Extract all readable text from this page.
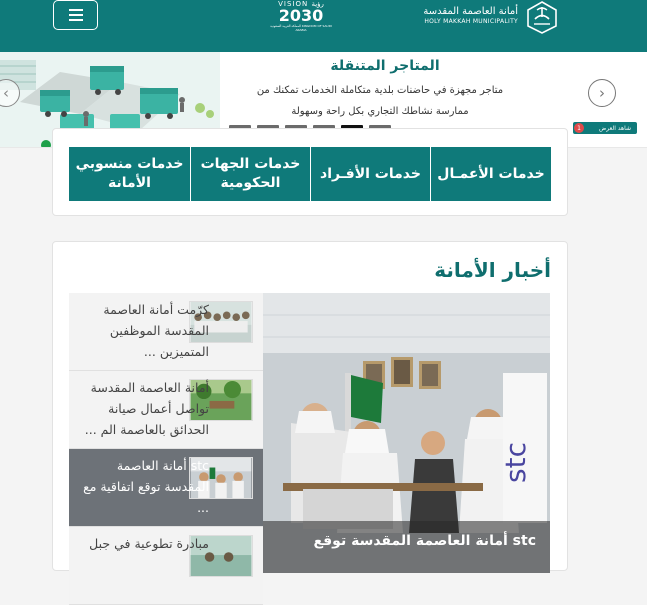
VISION رؤية
2030
المملكة العربية السعودية KINGDOM OF SAUDI ARABIA
أمانة العاصمة المقدسة
HOLY MAKKAH MUNICIPALITY
‹
المتاجر المتنقلة
متاجر مجهزة في حاضنات بلدية متكاملة الخدمات تمكنك من ممارسة نشاطك التجاري بكل راحة وسهولة
›
1	شاهد العرض
خدمات الأعمـال
خدمات الأفـراد
خدمات الجهات الحكومية
خدمات منسوبي الأمانة
أخبار الأمانة
stc
stc أمانة العاصمة المقدسة توقع
كرّمت أمانة العاصمة المقدسة الموظفين المتميزين ...
أمانة العاصمة المقدسة تواصل أعمال صيانة الحدائق بالعاصمة الم ...
stc أمانة العاصمة المقدسة توقع اتفاقية مع ...
مبادرة تطوعية في جبل
